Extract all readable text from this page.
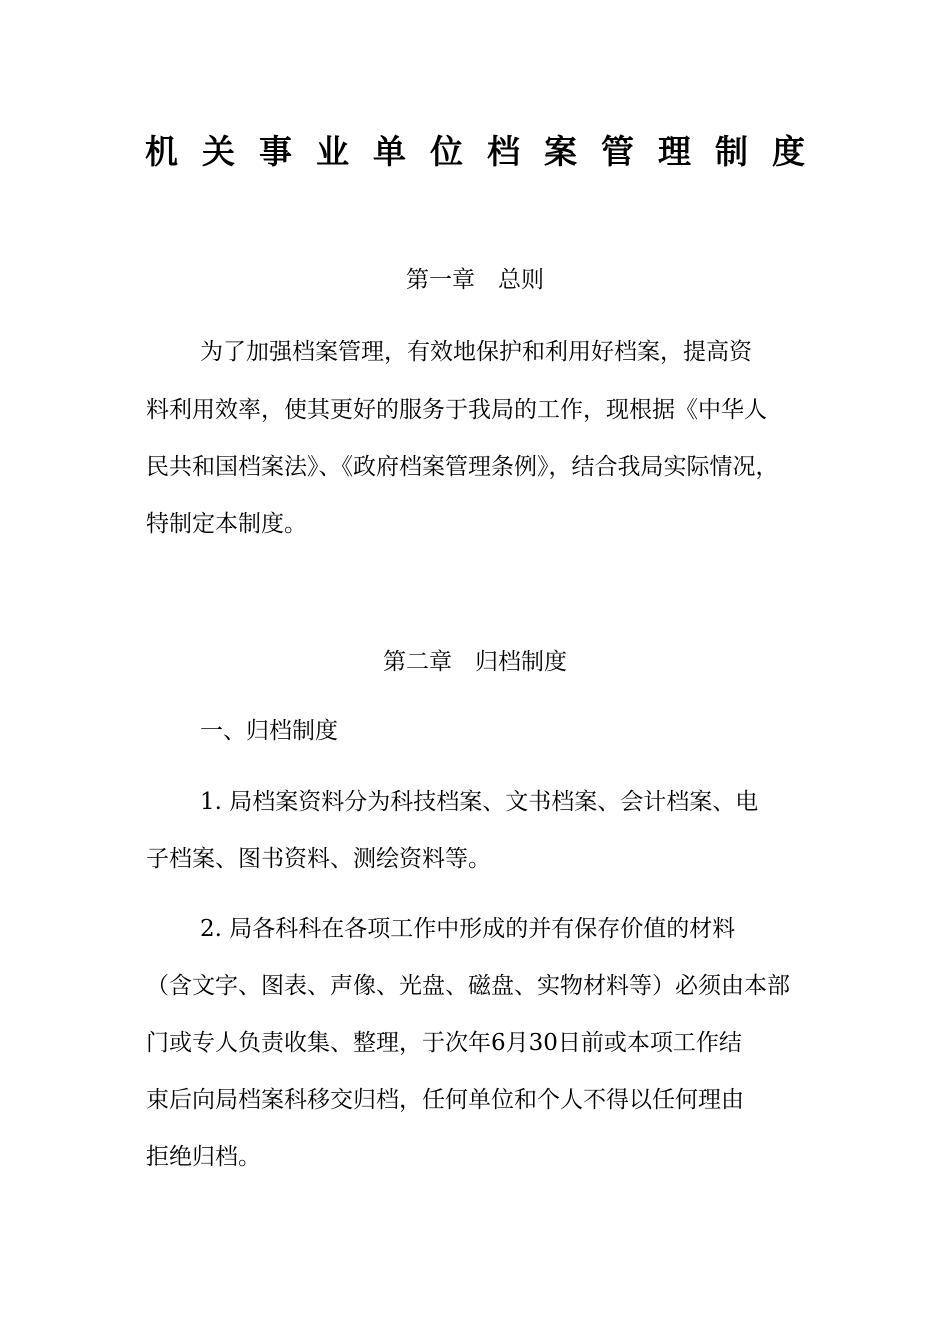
机关事业单位档案管理制度
第一章　总则
为了加强档案管理，有效地保护和利用好档案，提高资
料利用效率，使其更好的服务于我局的工作，现根据《中华人
民共和国档案法》、《政府档案管理条例》，结合我局实际情况，
特制定本制度。
第二章　归档制度
一、归档制度
1. 局档案资料分为科技档案、文书档案、会计档案、电
子档案、图书资料、测绘资料等。
2. 局各科科在各项工作中形成的并有保存价值的材料
（含文字、图表、声像、光盘、磁盘、实物材料等）必须由本部
门或专人负责收集、整理，于次年6月30日前或本项工作结
束后向局档案科移交归档，任何单位和个人不得以任何理由
拒绝归档。
